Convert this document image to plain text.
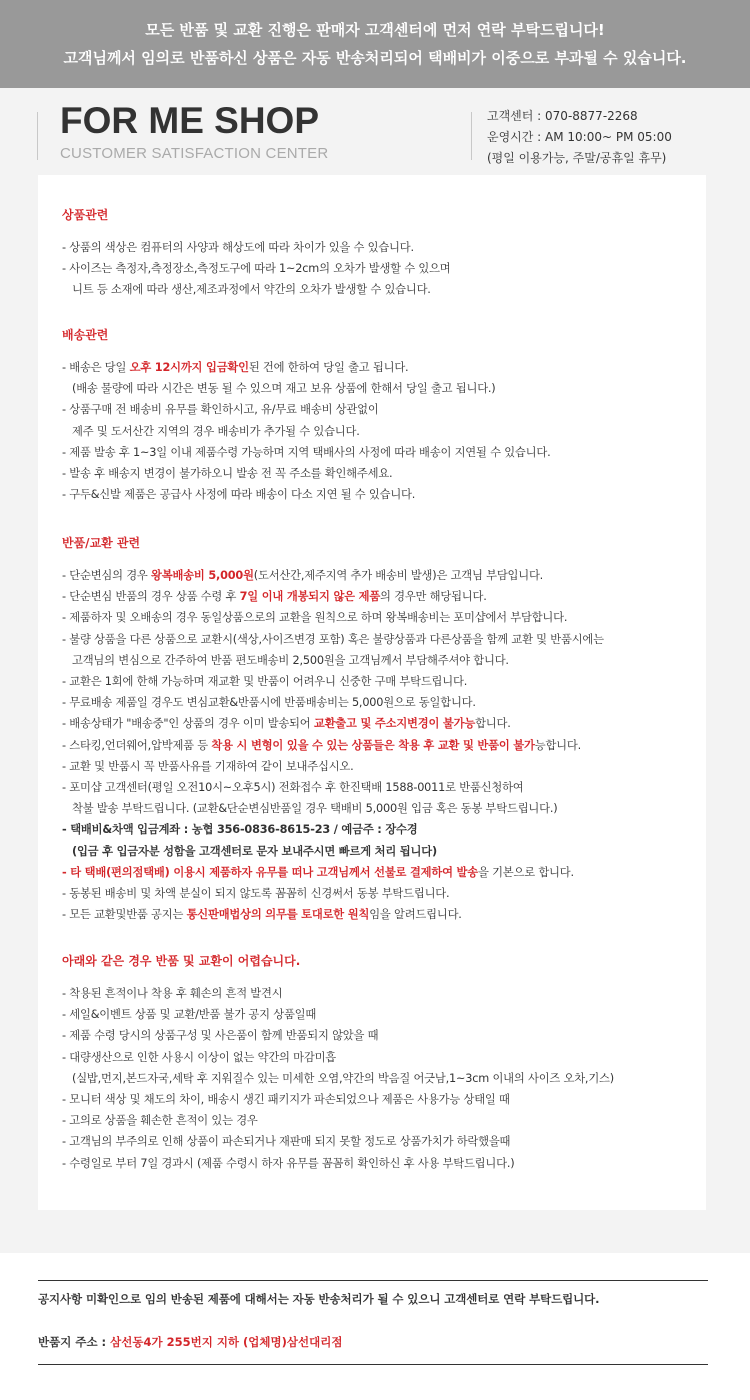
모든 반품 및 교환 진행은 판매자 고객센터에 먼저 연락 부탁드립니다!
고객님께서 임의로 반품하신 상품은 자동 반송처리되어 택배비가 이중으로 부과될 수 있습니다.
FOR ME SHOP
CUSTOMER SATISFACTION CENTER
고객센터 : 070-8877-2268
운영시간 : AM 10:00~ PM 05:00
(평일 이용가능, 주말/공휴일 휴무)
상품관련
- 상품의 색상은 컴퓨터의 사양과 해상도에 따라 차이가 있을 수 있습니다.
- 사이즈는 측정자,측정장소,측정도구에 따라 1~2cm의 오차가 발생할 수 있으며
니트 등 소재에 따라 생산,제조과정에서 약간의 오차가 발생할 수 있습니다.
배송관련
- 배송은 당일 오후 12시까지 입금확인된 건에 한하여 당일 출고 됩니다.
(배송 물량에 따라 시간은 변동 될 수 있으며 재고 보유 상품에 한해서 당일 출고 됩니다.)
- 상품구매 전 배송비 유무를 확인하시고, 유/무료 배송비 상관없이
제주 및 도서산간 지역의 경우 배송비가 추가될 수 있습니다.
- 제품 발송 후 1~3일 이내 제품수령 가능하며 지역 택배사의 사정에 따라 배송이 지연될 수 있습니다.
- 발송 후 배송지 변경이 불가하오니 발송 전 꼭 주소를 확인해주세요.
- 구두&신발 제품은 공급사 사정에 따라 배송이 다소 지연 될 수 있습니다.
반품/교환 관련
- 단순변심의 경우 왕복배송비 5,000원(도서산간,제주지역 추가 배송비 발생)은 고객님 부담입니다.
- 단순변심 반품의 경우 상품 수령 후 7일 이내 개봉되지 않은 제품의 경우만 해당됩니다.
- 제품하자 및 오배송의 경우 동일상품으로의 교환을 원칙으로 하며 왕복배송비는 포미샵에서 부담합니다.
- 불량 상품을 다른 상품으로 교환시(색상,사이즈변경 포함) 혹은 불량상품과 다른상품을 함께 교환 및 반품시에는
고객님의 변심으로 간주하여 반품 편도배송비 2,500원을 고객님께서 부담해주셔야 합니다.
- 교환은 1회에 한해 가능하며 재교환 및 반품이 어려우니 신중한 구매 부탁드립니다.
- 무료배송 제품일 경우도 변심교환&반품시에 반품배송비는 5,000원으로 동일합니다.
- 배송상태가 "배송중"인 상품의 경우 이미 발송되어 교환출고 및 주소지변경이 불가능합니다.
- 스타킹,언더웨어,압박제품 등 착용 시 변형이 있을 수 있는 상품들은 착용 후 교환 및 반품이 불가능합니다.
- 교환 및 반품시 꼭 반품사유를 기재하여 같이 보내주십시오.
- 포미샵 고객센터(평일 오전10시~오후5시) 전화접수 후 한진택배 1588-0011로 반품신청하여
착불 발송 부탁드립니다. (교환&단순변심반품일 경우 택배비 5,000원 입금 혹은 동봉 부탁드립니다.)
- 택배비&차액 입금계좌 : 농협 356-0836-8615-23 / 예금주 : 장수경
(입금 후 입금자분 성함을 고객센터로 문자 보내주시면 빠르게 처리 됩니다)
- 타 택배(편의점택배) 이용시 제품하자 유무를 떠나 고객님께서 선불로 결제하여 발송을 기본으로 합니다.
- 동봉된 배송비 및 차액 분실이 되지 않도록 꼼꼼히 신경써서 동봉 부탁드립니다.
- 모든 교환및반품 공지는 통신판매법상의 의무를 토대로한 원칙임을 알려드립니다.
아래와 같은 경우 반품 및 교환이 어렵습니다.
- 착용된 흔적이나 착용 후 훼손의 흔적 발견시
- 세일&이벤트 상품 및 교환/반품 불가 공지 상품일때
- 제품 수령 당시의 상품구성 및 사은품이 함께 반품되지 않았을 때
- 대량생산으로 인한 사용시 이상이 없는 약간의 마감미흡
(실밥,먼지,본드자국,세탁 후 지워질수 있는 미세한 오염,약간의 박음질 어긋남,1~3cm 이내의 사이즈 오차,기스)
- 모니터 색상 및 채도의 차이, 배송시 생긴 패키지가 파손되었으나 제품은 사용가능 상태일 때
- 고의로 상품을 훼손한 흔적이 있는 경우
- 고객님의 부주의로 인해 상품이 파손되거나 재판매 되지 못할 정도로 상품가치가 하락했을때
- 수령일로 부터 7일 경과시 (제품 수령시 하자 유무를 꼼꼼히 확인하신 후 사용 부탁드립니다.)
공지사항 미확인으로 임의 반송된 제품에 대해서는 자동 반송처리가 될 수 있으니 고객센터로 연락 부탁드립니다.
반품지 주소 : 삼선동4가 255번지 지하 (업체명)삼선대리점
